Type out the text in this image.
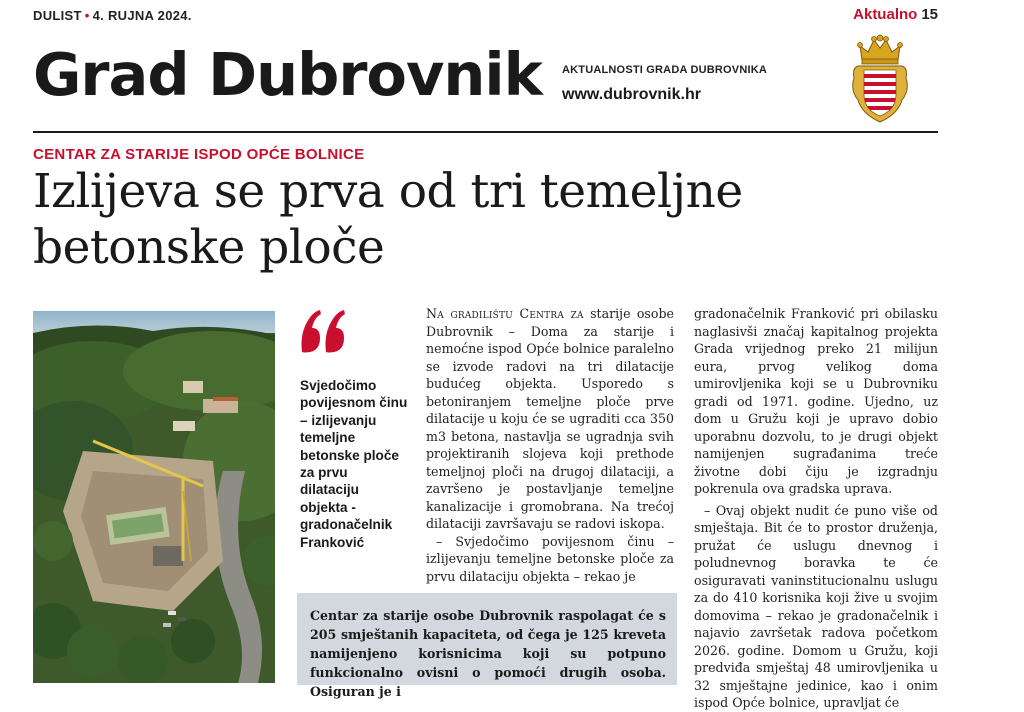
DULIST • 4. RUJNA 2024.	Aktualno 15
Grad Dubrovnik AKTUALNOSTI GRADA DUBROVNIKA
www.dubrovnik.hr
CENTAR ZA STARIJE ISPOD OPĆE BOLNICE
Izlijeva se prva od tri temeljne betonske ploče
Svjedočimo povijesnom činu – izlijevanju temeljne betonske ploče za prvu dilataciju objekta - gradonačelnik Franković

Na gradilištu Centra za starije osobe Dubrovnik – Doma za starije i nemoćne ispod Opće bolnice paralelno se izvode radovi na tri dilatacije budućeg objekta. Usporedo s betoniranjem temeljne ploče prve dilatacije u koju će se ugraditi cca 350 m3 betona, nastavlja se ugradnja svih projektiranih slojeva koji prethode temeljnoj ploči na drugoj dilataciji, a završeno je postavljanje temeljne kanalizacije i gromobrana. Na trećoj dilataciji završavaju se radovi iskopa.

– Svjedočimo povijesnom činu – izlijevanju temeljne betonske ploče za prvu dilataciju objekta – rekao je

gradonačelnik Franković pri obilasku naglasivši značaj kapitalnog projekta Grada vrijednog preko 21 milijun eura, prvog velikog doma umirovljenika koji se u Dubrovniku gradi od 1971. godine. Ujedno, uz dom u Gružu koji je upravo dobio uporabnu dozvolu, to je drugi objekt namijenjen sugrađanima treće životne dobi čiju je izgradnju pokrenula ova gradska uprava.

– Ovaj objekt nudit će puno više od smještaja. Bit će to prostor druženja, pružat će uslugu dnevnog i poludnevnog boravka te će osiguravati vaninstitucionalnu uslugu za do 410 korisnika koji žive u svojim domovima – rekao je gradonačelnik i najavio završetak radova početkom 2026. godine. Domom u Gružu, koji predviđa smještaj 48 umirovljenika u 32 smještajne jedinice, kao i onim ispod Opće bolnice, upravljat će

Centar za starije osobe Dubrovnik raspolagat će s 205 smještanih kapaciteta, od čega je 125 kreveta namijenjeno korisnicima koji su potpuno funkcionalno ovisni o pomoći drugih osoba. Osiguran je i
